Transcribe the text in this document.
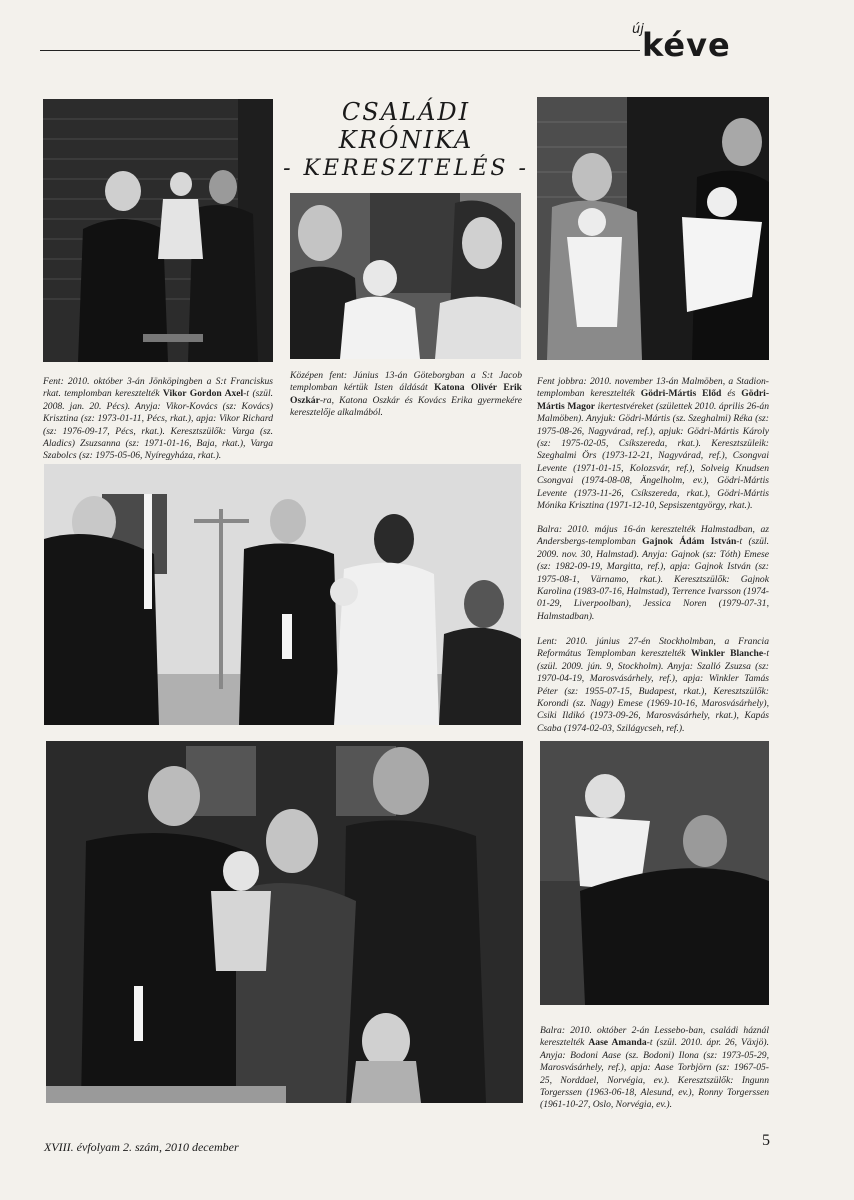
új
kéve
CSALÁDI KRÓNIKA
- KERESZTELÉS -
Fent: 2010. október 3-án Jönköpingben a S:t Franciskus rkat. templomban keresztelték Vikor Gordon Axel-t (szül. 2008. jan. 20. Pécs). Anyja: Vikor-Kovács (sz: Kovács) Krisztina (sz: 1973-01-11, Pécs, rkat.), apja: Vikor Richard (sz: 1976-09-17, Pécs, rkat.). Keresztszülők: Varga (sz. Aladics) Zsuzsanna (sz: 1971-01-16, Baja, rkat.), Varga Szabolcs (sz: 1975-05-06, Nyíregyháza, rkat.).
Középen fent: Június 13-án Göteborgban a S:t Jacob templomban kértük Isten áldását Katona Olivér Erik Oszkár-ra, Katona Oszkár és Kovács Erika gyermekére keresztelője alkalmából.
Fent jobbra: 2010. november 13-án Malmöben, a Stadion-templomban keresztelték Gödri-Mártis Előd és Gödri-Mártis Magor ikertestvéreket (születtek 2010. április 26-án Malmöben). Anyjuk: Gödri-Mártis (sz. Szeghalmi) Réka (sz: 1975-08-26, Nagyvárad, ref.), apjuk: Gödri-Mártis Károly (sz: 1975-02-05, Csíkszereda, rkat.). Keresztszüleik: Szeghalmi Örs (1973-12-21, Nagyvárad, ref.), Csongvai Levente (1971-01-15, Kolozsvár, ref.), Solveig Knudsen Csongvai (1974-08-08, Ängelholm, ev.), Gödri-Mártis Levente (1973-11-26, Csíkszereda, rkat.), Gödri-Mártis Mónika Krisztina (1971-12-10, Sepsiszentgyörgy, rkat.).
Balra: 2010. május 16-án keresztelték Halmstadban, az Andersbergs-templomban Gajnok Ádám István-t (szül. 2009. nov. 30, Halmstad). Anyja: Gajnok (sz: Tóth) Emese (sz: 1982-09-19, Margitta, ref.), apja: Gajnok István (sz: 1975-08-1, Värnamo, rkat.). Keresztszülők: Gajnok Karolina (1983-07-16, Halmstad), Terrence Ivarsson (1974-01-29, Liverpoolban), Jessica Noren (1979-07-31, Halmstadban).
Lent: 2010. június 27-én Stockholmban, a Francia Református Templomban keresztelték Winkler Blanche-t (szül. 2009. jún. 9, Stockholm). Anyja: Szalló Zsuzsa (sz: 1970-04-19, Marosvásárhely, ref.), apja: Winkler Tamás Péter (sz: 1955-07-15, Budapest, rkat.), Keresztszülők: Korondi (sz. Nagy) Emese (1969-10-16, Marosvásárhely), Csiki Ildikó (1973-09-26, Marosvásárhely, rkat.), Kapás Csaba (1974-02-03, Szilágycseh, ref.).
Balra: 2010. október 2-án Lessebo-ban, családi háznál keresztelték Aase Amanda-t (szül. 2010. ápr. 26, Växjö). Anyja: Bodoni Aase (sz. Bodoni) Ilona (sz: 1973-05-29, Marosvásárhely, ref.), apja: Aase Torbjörn (sz: 1967-05-25, Norddael, Norvégia, ev.). Keresztszülők: Ingunn Torgerssen (1963-06-18, Alesund, ev.), Ronny Torgerssen (1961-10-27, Oslo, Norvégia, ev.).
XVIII. évfolyam 2. szám, 2010 december	5
